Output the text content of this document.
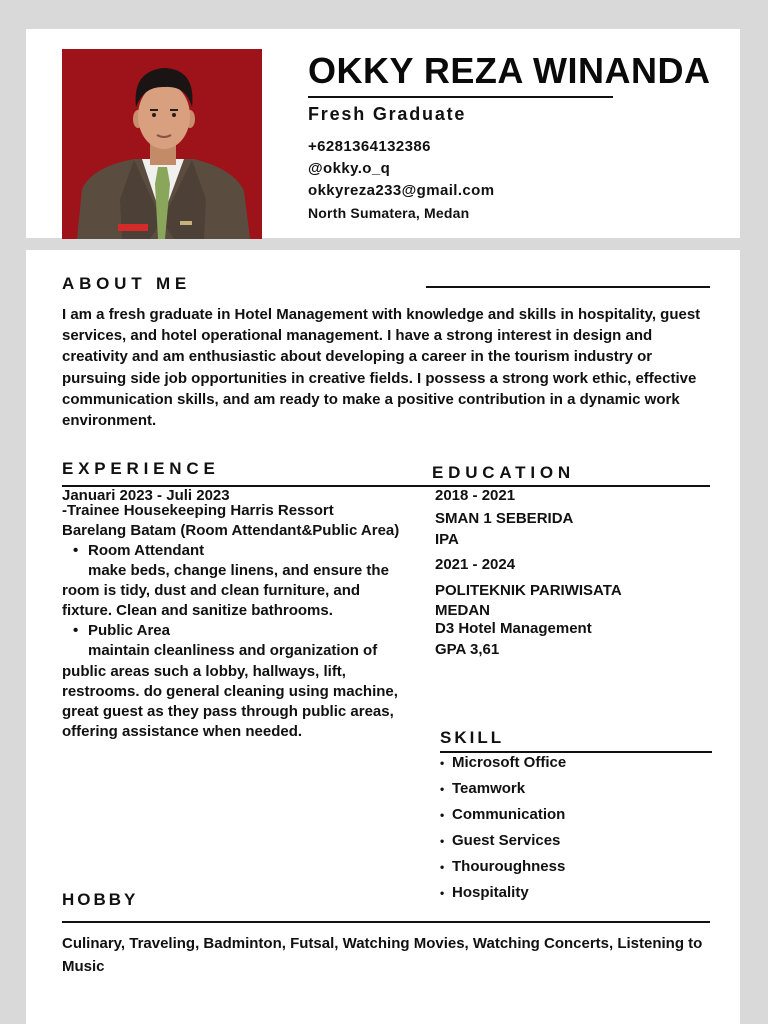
OKKY REZA WINANDA
Fresh Graduate
+6281364132386
@okky.o_q
okkyreza233@gmail.com
North Sumatera, Medan
ABOUT ME
I am a fresh graduate in Hotel Management with knowledge and skills in hospitality, guest services, and hotel operational management. I have a strong interest in design and creativity and am enthusiastic about developing a career in the tourism industry or pursuing side job opportunities in creative fields. I possess a strong work ethic, effective communication skills, and am ready to make a positive contribution in a dynamic work environment.
EXPERIENCE	EDUCATION
Januari 2023 - Juli 2023
-Trainee Housekeeping Harris Ressort
Barelang Batam (Room Attendant&Public Area)
• Room Attendant
make beds, change linens, and ensure the room is tidy, dust and clean furniture, and fixture. Clean and sanitize bathrooms.
• Public Area
maintain cleanliness and organization of public areas such a lobby, hallways, lift, restrooms. do general cleaning using machine, great guest as they pass through public areas, offering assistance when needed.
2018 - 2021
SMAN 1 SEBERIDA
IPA
2021 - 2024
POLITEKNIK PARIWISATA MEDAN
D3 Hotel Management
GPA 3,61
SKILL
• Microsoft Office
• Teamwork
• Communication
• Guest Services
• Thouroughness
• Hospitality
HOBBY
Culinary, Traveling, Badminton, Futsal, Watching Movies, Watching Concerts, Listening to Music
